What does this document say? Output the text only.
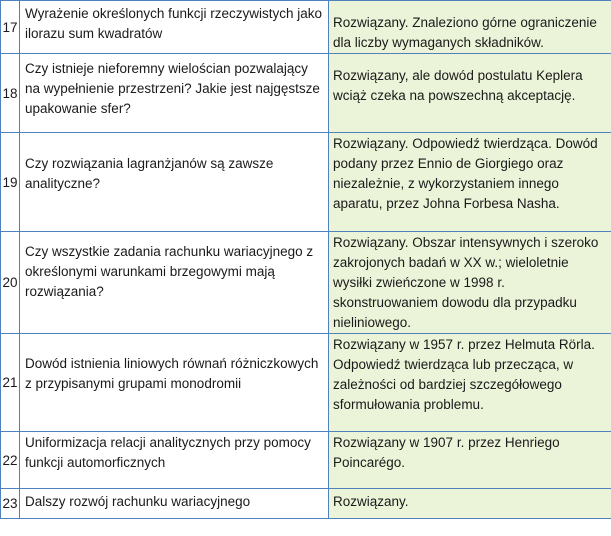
17	Wyrażenie określonych funkcji rzeczywistych jako ilorazu sum kwadratów	Rozwiązany. Znaleziono górne ograniczenie dla liczby wymaganych składników.

18	Czy istnieje nieforemny wielościan pozwalający na wypełnienie przestrzeni? Jakie jest najgęstsze upakowanie sfer?	Rozwiązany, ale dowód postulatu Keplera wciąż czeka na powszechną akceptację.

19	Czy rozwiązania lagranżjanów są zawsze analityczne?	Rozwiązany. Odpowiedź twierdząca. Dowód podany przez Ennio de Giorgiego oraz niezależnie, z wykorzystaniem innego aparatu, przez Johna Forbesa Nasha.

20	Czy wszystkie zadania rachunku wariacyjnego z określonymi warunkami brzegowymi mają rozwiązania?	Rozwiązany. Obszar intensywnych i szeroko zakrojonych badań w XX w.; wieloletnie wysiłki zwieńczone w 1998 r. skonstruowaniem dowodu dla przypadku nieliniowego.

21	Dowód istnienia liniowych równań różniczkowych z przypisanymi grupami monodromii	Rozwiązany w 1957 r. przez Helmuta Rörla. Odpowiedź twierdząca lub przecząca, w zależności od bardziej szczegółowego sformułowania problemu.

22	Uniformizacja relacji analitycznych przy pomocy funkcji automorficznych	Rozwiązany w 1907 r. przez Henriego Poincarégo.

23	Dalszy rozwój rachunku wariacyjnego	Rozwiązany.
